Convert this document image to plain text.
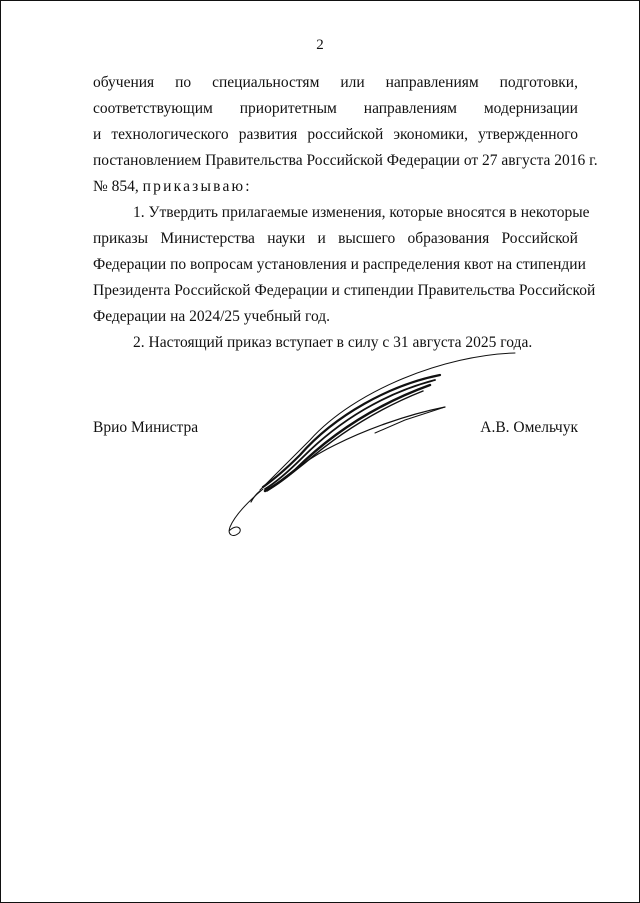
2
обучения по специальностям или направлениям подготовки,
соответствующим приоритетным направлениям модернизации
и технологического развития российской экономики, утвержденного
постановлением Правительства Российской Федерации от 27 августа 2016 г.
№ 854, приказываю:
1. Утвердить прилагаемые изменения, которые вносятся в некоторые
приказы Министерства науки и высшего образования Российской
Федерации по вопросам установления и распределения квот на стипендии
Президента Российской Федерации и стипендии Правительства Российской
Федерации на 2024/25 учебный год.
2. Настоящий приказ вступает в силу с 31 августа 2025 года.
Врио Министра	А.В. Омельчук
